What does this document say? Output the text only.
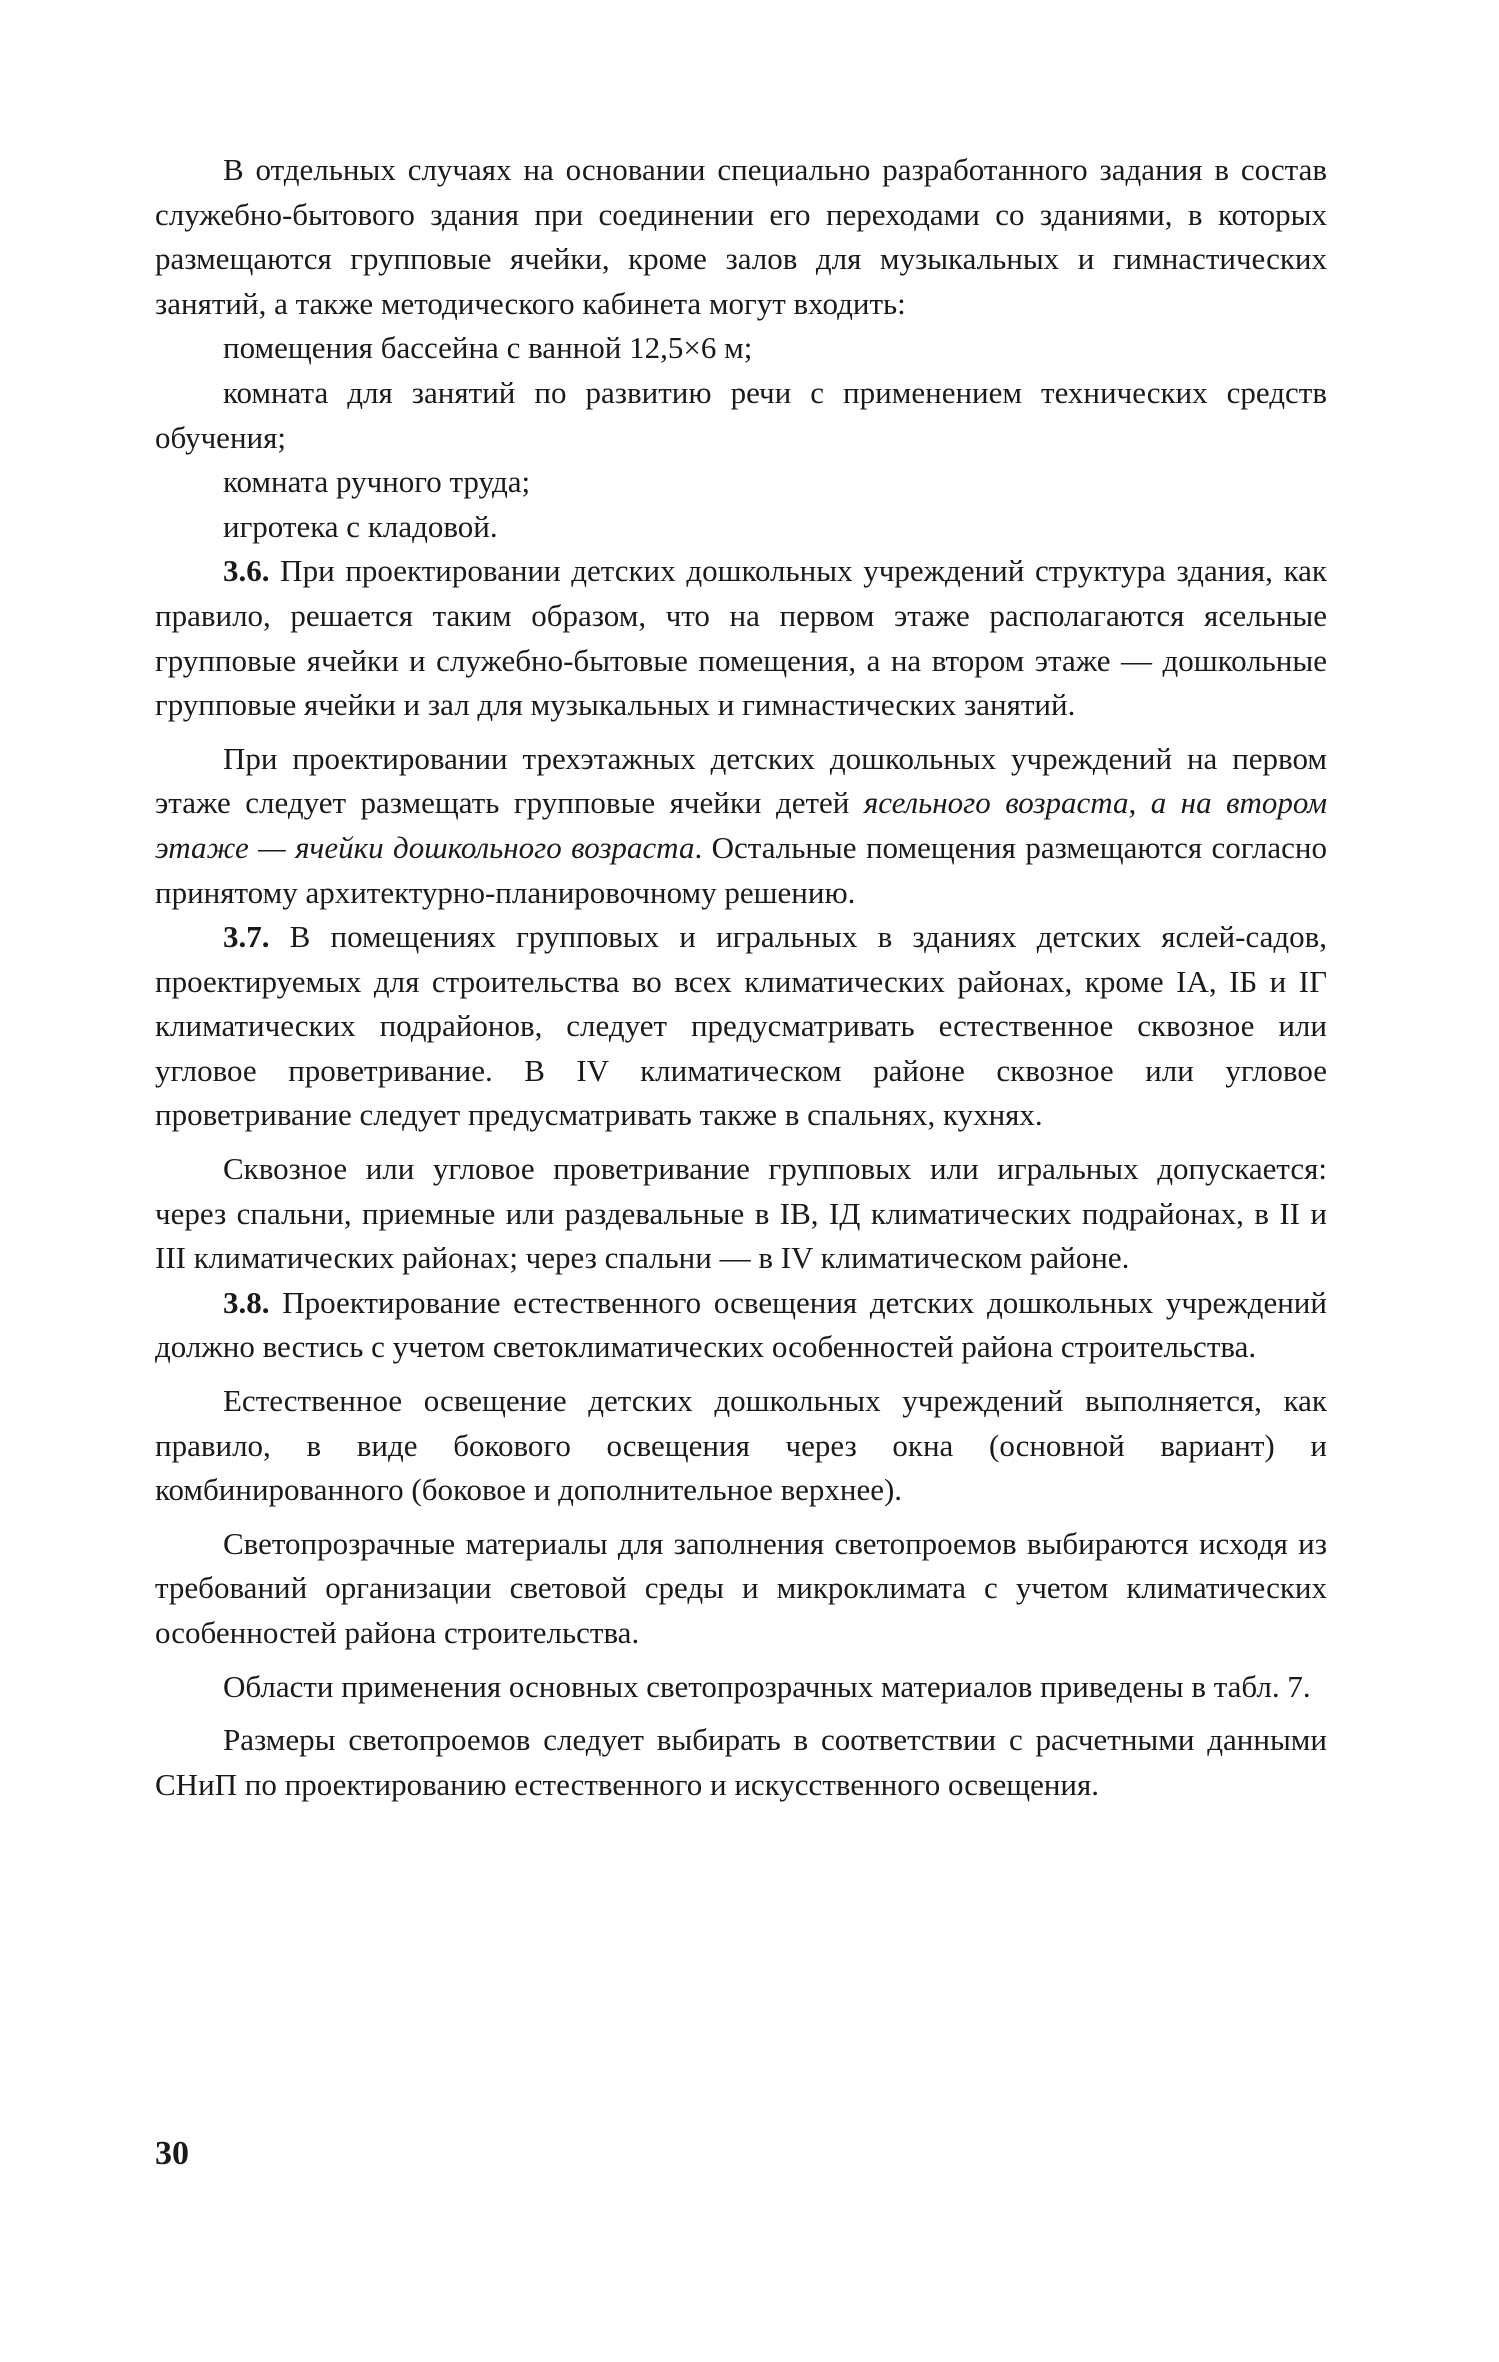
В отдельных случаях на основании специально разработанного задания в состав служебно-бытового здания при соединении его переходами со зданиями, в которых размещаются групповые ячейки, кроме залов для музыкальных и гимнастических занятий, а также методического кабинета могут входить:

помещения бассейна с ванной 12,5×6 м;

комната для занятий по развитию речи с применением технических средств обучения;

комната ручного труда;

игротека с кладовой.

3.6. При проектировании детских дошкольных учреждений структура здания, как правило, решается таким образом, что на первом этаже располагаются ясельные групповые ячейки и служебно-бытовые помещения, а на втором этаже — дошкольные групповые ячейки и зал для музыкальных и гимнастических занятий.

При проектировании трехэтажных детских дошкольных учреждений на первом этаже следует размещать групповые ячейки детей ясельного возраста, а на втором этаже — ячейки дошкольного возраста. Остальные помещения размещаются согласно принятому архитектурно-планировочному решению.

3.7. В помещениях групповых и игральных в зданиях детских яслей-садов, проектируемых для строительства во всех климатических районах, кроме IA, IБ и IГ климатических подрайонов, следует предусматривать естественное сквозное или угловое проветривание. В IV климатическом районе сквозное или угловое проветривание следует предусматривать также в спальнях, кухнях.

Сквозное или угловое проветривание групповых или игральных допускается: через спальни, приемные или раздевальные в IВ, IД климатических подрайонах, в II и III климатических районах; через спальни — в IV климатическом районе.

3.8. Проектирование естественного освещения детских дошкольных учреждений должно вестись с учетом светоклиматических особенностей района строительства.

Естественное освещение детских дошкольных учреждений выполняется, как правило, в виде бокового освещения через окна (основной вариант) и комбинированного (боковое и дополнительное верхнее).

Светопрозрачные материалы для заполнения светопроемов выбираются исходя из требований организации световой среды и микроклимата с учетом климатических особенностей района строительства.

Области применения основных светопрозрачных материалов приведены в табл. 7.

Размеры светопроемов следует выбирать в соответствии с расчетными данными СНиП по проектированию естественного и искусственного освещения.

30
